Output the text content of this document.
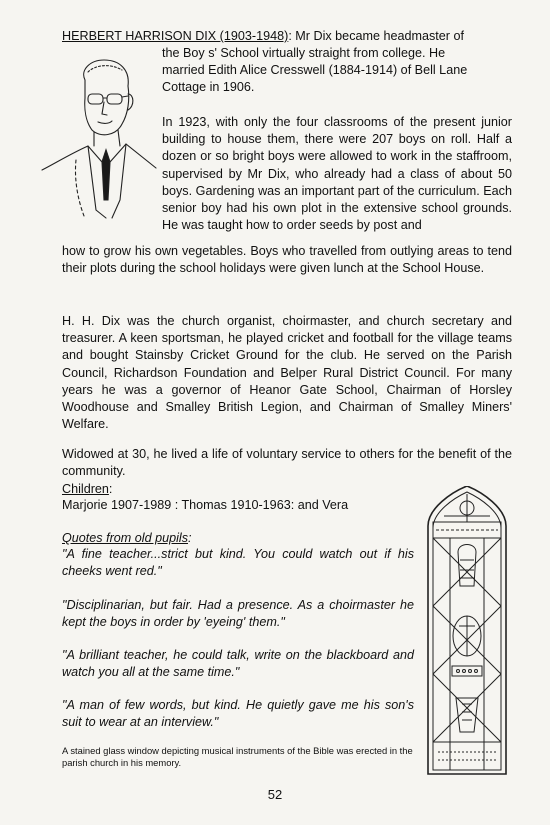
HERBERT HARRISON DIX (1903-1948): Mr Dix became headmaster of

the Boy s' School virtually straight from college. He

married Edith Alice Cresswell (1884-1914) of Bell Lane

Cottage in 1906.

In 1923, with only the four classrooms of the present junior building to house them, there were 207 boys on roll. Half a dozen or so bright boys were allowed to work in the staffroom, supervised by Mr Dix, who already had a class of about 50 boys. Gardening was an important part of the curriculum. Each senior boy had his own plot in the extensive school grounds. He was taught how to order seeds by post and

how to grow his own vegetables. Boys who travelled from outlying areas to tend their plots during the school holidays were given lunch at the School House.

H. H. Dix was the church organist, choirmaster, and church secretary and treasurer. A keen sportsman, he played cricket and football for the village teams and bought Stainsby Cricket Ground for the club. He served on the Parish Council, Richardson Foundation and Belper Rural District Council. For many years he was a governor of Heanor Gate School, Chairman of Horsley Woodhouse and Smalley British Legion, and Chairman of Smalley Miners' Welfare.

Widowed at 30, he lived a life of voluntary service to others for the benefit of the community.

Children:

Marjorie 1907-1989 : Thomas 1910-1963: and Vera

Quotes from old pupils:

"A fine teacher...strict but kind. You could watch out if his cheeks went red."

"Disciplinarian, but fair. Had a presence. As a choirmaster he kept the boys in order by 'eyeing' them."

"A brilliant teacher, he could talk, write on the blackboard and watch you all at the same time."

"A man of few words, but kind. He quietly gave me his son's suit to wear at an interview."

A stained glass window depicting musical instruments of the Bible was erected in the parish church in his memory.
52
